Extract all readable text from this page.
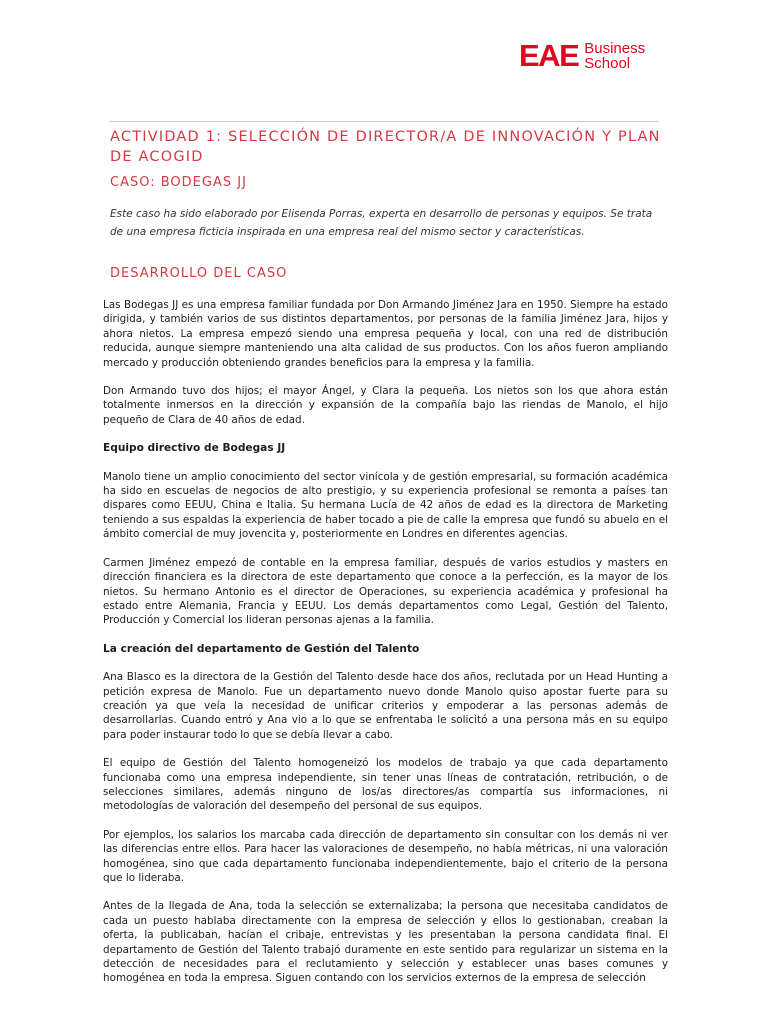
EAE Business
School
ACTIVIDAD 1: SELECCIÓN DE DIRECTOR/A DE INNOVACIÓN Y PLAN DE ACOGID
CASO: BODEGAS JJ

Este caso ha sido elaborado por Elisenda Porras, experta en desarrollo de personas y equipos. Se trata de una empresa ficticia inspirada en una empresa real del mismo sector y características.

DESARROLLO DEL CASO

Las Bodegas JJ es una empresa familiar fundada por Don Armando Jiménez Jara en 1950. Siempre ha estado dirigida, y también varios de sus distintos departamentos, por personas de la familia Jiménez Jara, hijos y ahora nietos. La empresa empezó siendo una empresa pequeña y local, con una red de distribución reducida, aunque siempre manteniendo una alta calidad de sus productos. Con los años fueron ampliando mercado y producción obteniendo grandes beneficios para la empresa y la familia.

Don Armando tuvo dos hijos; el mayor Ángel, y Clara la pequeña. Los nietos son los que ahora están totalmente inmersos en la dirección y expansión de la compañía bajo las riendas de Manolo, el hijo pequeño de Clara de 40 años de edad.

Equipo directivo de Bodegas JJ

Manolo tiene un amplio conocimiento del sector vinícola y de gestión empresarial, su formación académica ha sido en escuelas de negocios de alto prestigio, y su experiencia profesional se remonta a países tan dispares como EEUU, China e Italia. Su hermana Lucía de 42 años de edad es la directora de Marketing teniendo a sus espaldas la experiencia de haber tocado a pie de calle la empresa que fundó su abuelo en el ámbito comercial de muy jovencita y, posteriormente en Londres en diferentes agencias.

Carmen Jiménez empezó de contable en la empresa familiar, después de varios estudios y masters en dirección financiera es la directora de este departamento que conoce a la perfección, es la mayor de los nietos. Su hermano Antonio es el director de Operaciones, su experiencia académica y profesional ha estado entre Alemania, Francia y EEUU. Los demás departamentos como Legal, Gestión del Talento, Producción y Comercial los lideran personas ajenas a la familia.

La creación del departamento de Gestión del Talento

Ana Blasco es la directora de la Gestión del Talento desde hace dos años, reclutada por un Head Hunting a petición expresa de Manolo. Fue un departamento nuevo donde Manolo quiso apostar fuerte para su creación ya que veía la necesidad de unificar criterios y empoderar a las personas además de desarrollarlas. Cuando entró y Ana vio a lo que se enfrentaba le solicitó a una persona más en su equipo para poder instaurar todo lo que se debía llevar a cabo.

El equipo de Gestión del Talento homogeneizó los modelos de trabajo ya que cada departamento funcionaba como una empresa independiente, sin tener unas líneas de contratación, retribución, o de selecciones similares, además ninguno de los/as directores/as compartía sus informaciones, ni metodologías de valoración del desempeño del personal de sus equipos.

Por ejemplos, los salarios los marcaba cada dirección de departamento sin consultar con los demás ni ver las diferencias entre ellos. Para hacer las valoraciones de desempeño, no había métricas, ni una valoración homogénea, sino que cada departamento funcionaba independientemente, bajo el criterio de la persona que lo lideraba.

Antes de la llegada de Ana, toda la selección se externalizaba; la persona que necesitaba candidatos de cada un puesto hablaba directamente con la empresa de selección y ellos lo gestionaban, creaban la oferta, la publicaban, hacían el cribaje, entrevistas y les presentaban la persona candidata final. El departamento de Gestión del Talento trabajó duramente en este sentido para regularizar un sistema en la detección de necesidades para el reclutamiento y selección y establecer unas bases comunes y homogénea en toda la empresa. Siguen contando con los servicios externos de la empresa de selección
